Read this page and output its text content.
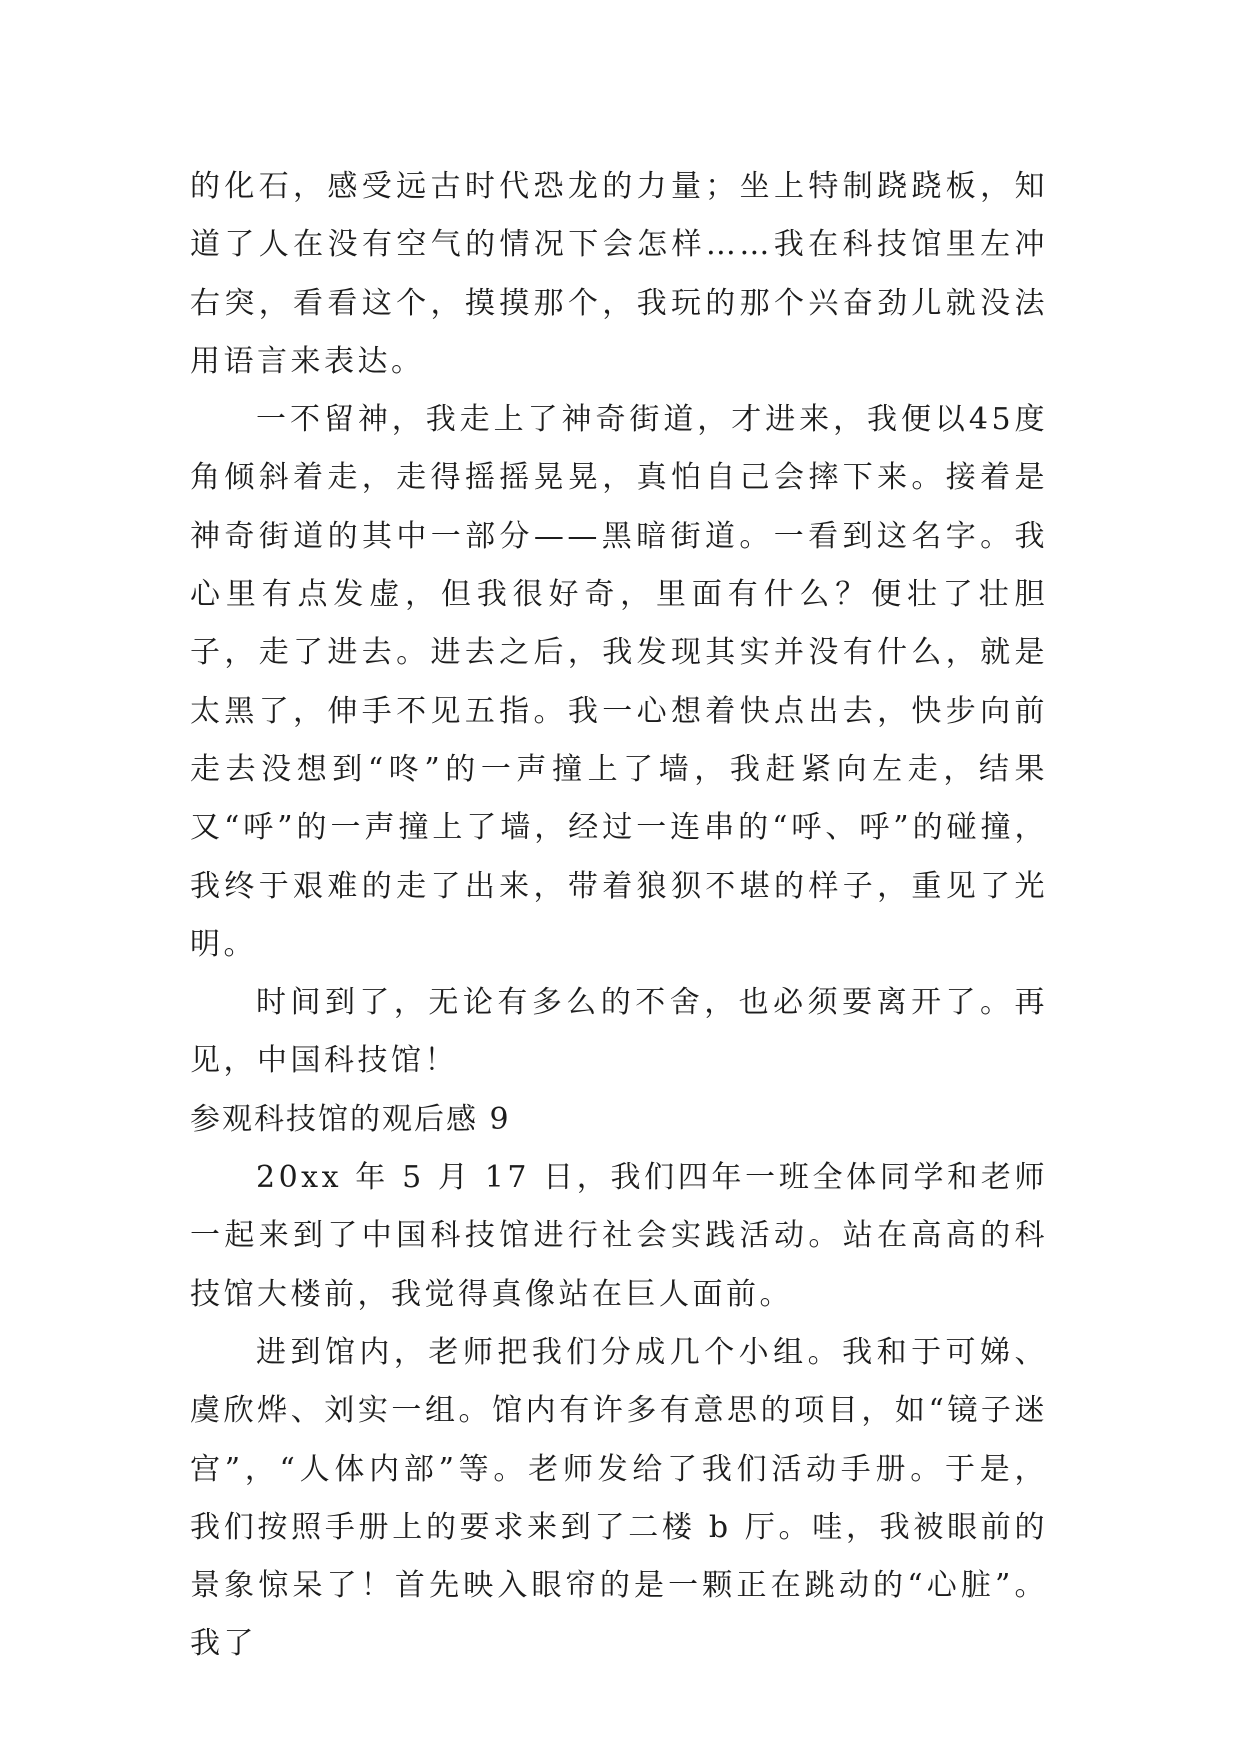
的化石，感受远古时代恐龙的力量；坐上特制跷跷板，知道了人在没有空气的情况下会怎样……我在科技馆里左冲右突，看看这个，摸摸那个，我玩的那个兴奋劲儿就没法用语言来表达。

一不留神，我走上了神奇街道，才进来，我便以45度角倾斜着走，走得摇摇晃晃，真怕自己会摔下来。接着是神奇街道的其中一部分——黑暗街道。一看到这名字。我心里有点发虚，但我很好奇，里面有什么？便壮了壮胆子，走了进去。进去之后，我发现其实并没有什么，就是太黑了，伸手不见五指。我一心想着快点出去，快步向前走去没想到“咚”的一声撞上了墙，我赶紧向左走，结果又“呼”的一声撞上了墙，经过一连串的“呼、呼”的碰撞，我终于艰难的走了出来，带着狼狈不堪的样子，重见了光明。

时间到了，无论有多么的不舍，也必须要离开了。再见，中国科技馆！

参观科技馆的观后感 9

20xx 年 5 月 17 日，我们四年一班全体同学和老师一起来到了中国科技馆进行社会实践活动。站在高高的科技馆大楼前，我觉得真像站在巨人面前。

进到馆内，老师把我们分成几个小组。我和于可娣、虞欣烨、刘实一组。馆内有许多有意思的项目，如“镜子迷宫”，“人体内部”等。老师发给了我们活动手册。于是，我们按照手册上的要求来到了二楼 b 厅。哇，我被眼前的景象惊呆了！首先映入眼帘的是一颗正在跳动的“心脏”。我了
